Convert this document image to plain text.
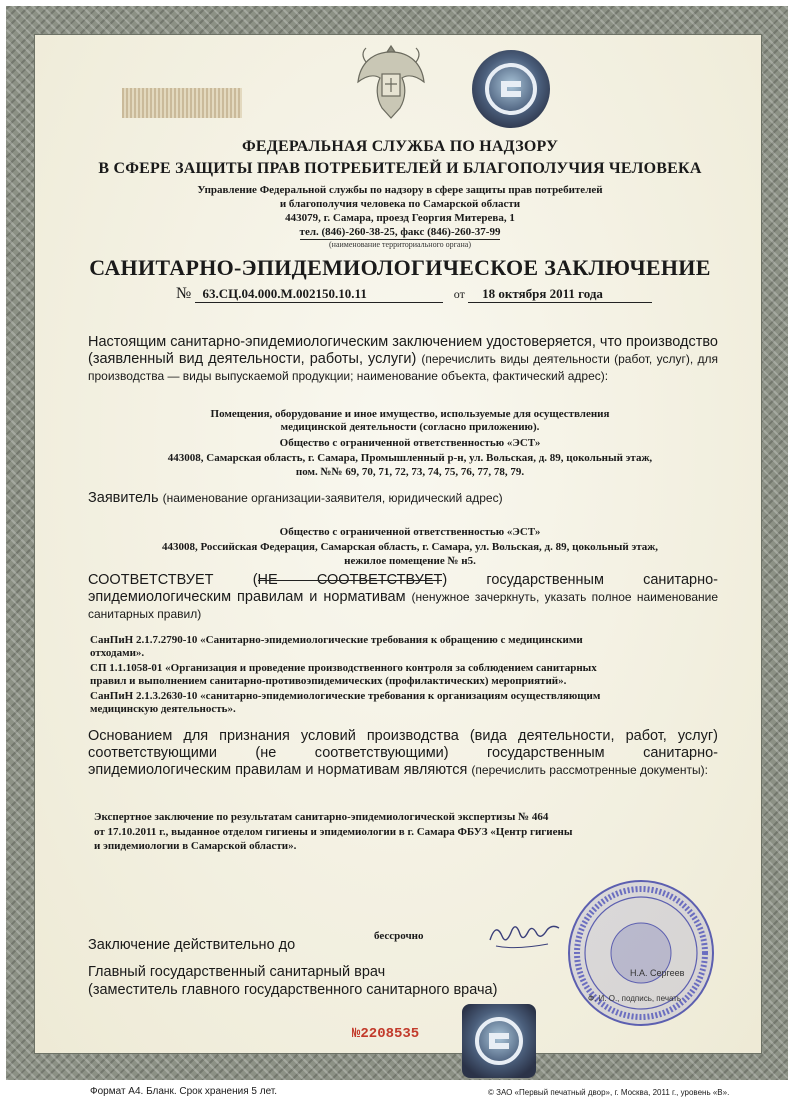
ФЕДЕРАЛЬНАЯ СЛУЖБА ПО НАДЗОРУ
В СФЕРЕ ЗАЩИТЫ ПРАВ ПОТРЕБИТЕЛЕЙ И БЛАГОПОЛУЧИЯ ЧЕЛОВЕКА
Управление Федеральной службы по надзору в сфере защиты прав потребителей
и благополучия человека по Самарской области
443079, г. Самара, проезд Георгия Митерева, 1
тел. (846)-260-38-25, факс (846)-260-37-99
(наименование территориального органа)
САНИТАРНО-ЭПИДЕМИОЛОГИЧЕСКОЕ ЗАКЛЮЧЕНИЕ
№ 63.СЦ.04.000.М.002150.10.11	от 18 октября 2011 года
Настоящим санитарно-эпидемиологическим заключением удостоверяется, что производство (заявленный вид деятельности, работы, услуги) (перечислить виды деятельности (работ, услуг), для производства — виды выпускаемой продукции; наименование объекта, фактический адрес):
Помещения, оборудование и иное имущество, используемые для осуществления
медицинской деятельности (согласно приложению).
Общество с ограниченной ответственностью «ЭСТ»
443008, Самарская область, г. Самара, Промышленный р-н, ул. Вольская, д. 89, цокольный этаж,
пом. №№ 69, 70, 71, 72, 73, 74, 75, 76, 77, 78, 79.
Заявитель (наименование организации-заявителя, юридический адрес)
Общество с ограниченной ответственностью «ЭСТ»
443008, Российская Федерация, Самарская область, г. Самара, ул. Вольская, д. 89, цокольный этаж,
нежилое помещение № н5.
СООТВЕТСТВУЕТ (НЕ СООТВЕТСТВУЕТ) государственным санитарно-эпидемиологическим правилам и нормативам (ненужное зачеркнуть, указать полное наименование санитарных правил)
СанПиН 2.1.7.2790-10 «Санитарно-эпидемиологические требования к обращению с медицинскими
отходами».
СП 1.1.1058-01 «Организация и проведение производственного контроля за соблюдением санитарных
правил и выполнением санитарно-противоэпидемических (профилактических) мероприятий».
СанПиН 2.1.3.2630-10 «санитарно-эпидемиологические требования к организациям осуществляющим
медицинскую деятельность».
Основанием для признания условий производства (вида деятельности, работ, услуг) соответствующими (не соответствующими) государственным санитарно-эпидемиологическим правилам и нормативам являются (перечислить рассмотренные документы):
Экспертное заключение по результатам санитарно-эпидемиологической экспертизы № 464
от 17.10.2011 г., выданное отделом гигиены и эпидемиологии в г. Самара ФБУЗ «Центр гигиены
и эпидемиологии в Самарской области».
Заключение действительно до
бессрочно
Главный государственный санитарный врач
(заместитель главного государственного санитарного врача)
Н.А. Сергеев
Ф. И. О., подпись, печать
№2208535
Формат А4. Бланк. Срок хранения 5 лет.	© ЗАО «Первый печатный двор», г. Москва, 2011 г., уровень «В».
